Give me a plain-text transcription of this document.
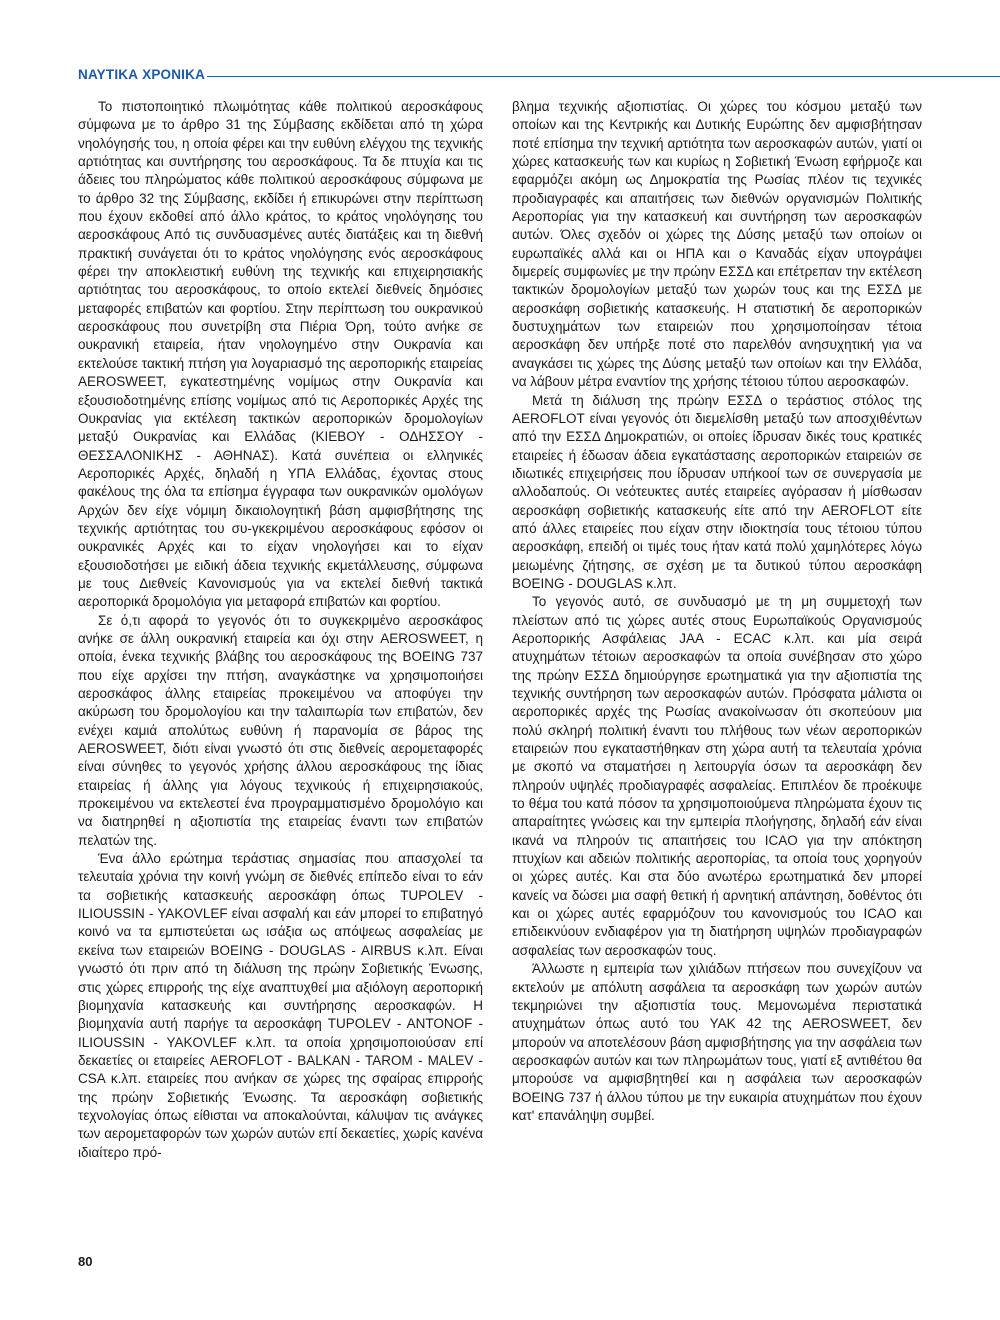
ΝΑΥΤΙΚΑ ΧΡΟΝΙΚΑ

Το πιστοποιητικό πλωιμότητας κάθε πολιτικού αεροσκάφους σύμφωνα με το άρθρο 31 της Σύμβασης εκδίδεται από τη χώρα νηολόγησής του, η οποία φέρει και την ευθύνη ελέγχου της τεχνικής αρτιότητας και συντήρησης του αεροσκάφους. Τα δε πτυχία και τις άδειες του πληρώματος κάθε πολιτικού αεροσκάφους σύμφωνα με το άρθρο 32 της Σύμβασης, εκδίδει ή επικυρώνει στην περίπτωση που έχουν εκδοθεί από άλλο κράτος, το κράτος νηολόγησης του αεροσκάφους Από τις συνδυασμένες αυτές διατάξεις και τη διεθνή πρακτική συνάγεται ότι το κράτος νηολόγησης ενός αεροσκάφους φέρει την αποκλειστική ευθύνη της τεχνικής και επιχειρησιακής αρτιότητας του αεροσκάφους, το οποίο εκτελεί διεθνείς δημόσιες μεταφορές επιβατών και φορτίου. Στην περίπτωση του ουκρανικού αεροσκάφους που συνετρίβη στα Πιέρια Όρη, τούτο ανήκε σε ουκρανική εταιρεία, ήταν νηολογημένο στην Ουκρανία και εκτελούσε τακτική πτήση για λογαριασμό της αεροπορικής εταιρείας AEROSWEET, εγκατεστημένης νομίμως στην Ουκρανία και εξουσιοδοτημένης επίσης νομίμως από τις Αεροπορικές Αρχές της Ουκρανίας για εκτέλεση τακτικών αεροπορικών δρομολογίων μεταξύ Ουκρανίας και Ελλάδας (ΚΙΕΒΟΥ - ΟΔΗΣΣΟΥ - ΘΕΣΣΑΛΟΝΙΚΗΣ - ΑΘΗΝΑΣ). Κατά συνέπεια οι ελληνικές Αεροπορικές Αρχές, δηλαδή η ΥΠΑ Ελλάδας, έχοντας στους φακέλους της όλα τα επίσημα έγγραφα των ουκρανικών ομολόγων Αρχών δεν είχε νόμιμη δικαιολογητική βάση αμφισβήτησης της τεχνικής αρτιότητας του συ-γκεκριμένου αεροσκάφους εφόσον οι ουκρανικές Αρχές και το είχαν νηολογήσει και το είχαν εξουσιοδοτήσει με ειδική άδεια τεχνικής εκμετάλλευσης, σύμφωνα με τους Διεθνείς Κανονισμούς για να εκτελεί διεθνή τακτικά αεροπορικά δρομολόγια για μεταφορά επιβατών και φορτίου.

Σε ό,τι αφορά το γεγονός ότι το συγκεκριμένο αεροσκάφος ανήκε σε άλλη ουκρανική εταιρεία και όχι στην AEROSWEET, η οποία, ένεκα τεχνικής βλάβης του αεροσκάφους της BOEING 737 που είχε αρχίσει την πτήση, αναγκάστηκε να χρησιμοποιήσει αεροσκάφος άλλης εταιρείας προκειμένου να αποφύγει την ακύρωση του δρομολογίου και την ταλαιπωρία των επιβατών, δεν ενέχει καμιά απολύτως ευθύνη ή παρανομία σε βάρος της AEROSWEET, διότι είναι γνωστό ότι στις διεθνείς αερομεταφορές είναι σύνηθες το γεγονός χρήσης άλλου αεροσκάφους της ίδιας εταιρείας ή άλλης για λόγους τεχνικούς ή επιχειρησιακούς, προκειμένου να εκτελεστεί ένα προγραμματισμένο δρομολόγιο και να διατηρηθεί η αξιοπιστία της εταιρείας έναντι των επιβατών πελατών της.

Ένα άλλο ερώτημα τεράστιας σημασίας που απασχολεί τα τελευταία χρόνια την κοινή γνώμη σε διεθνές επίπεδο είναι το εάν τα σοβιετικής κατασκευής αεροσκάφη όπως TUPOLEV - ILIOUSSIN - YAKOVLEF είναι ασφαλή και εάν μπορεί το επιβατηγό κοινό να τα εμπιστεύεται ως ισάξια ως απόψεως ασφαλείας με εκείνα των εταιρειών BOEING - DOUGLAS - AIRBUS κ.λπ. Είναι γνωστό ότι πριν από τη διάλυση της πρώην Σοβιετικής Ένωσης, στις χώρες επιρροής της είχε αναπτυχθεί μια αξιόλογη αεροπορική βιομηχανία κατασκευής και συντήρησης αεροσκαφών. Η βιομηχανία αυτή παρήγε τα αεροσκάφη TUPOLEV - ANTONOF - ILIOUSSIN - YAKOVLEF κ.λπ. τα οποία χρησιμοποιούσαν επί δεκαετίες οι εταιρείες AEROFLOT - BALKAN - TAROM - MALEV - CSA κ.λπ. εταιρείες που ανήκαν σε χώρες της σφαίρας επιρροής της πρώην Σοβιετικής Ένωσης. Τα αεροσκάφη σοβιετικής τεχνολογίας όπως είθισται να αποκαλούνται, κάλυψαν τις ανάγκες των αερομεταφορών των χωρών αυτών επί δεκαετίες, χωρίς κανένα ιδιαίτερο πρό-

βλημα τεχνικής αξιοπιστίας. Οι χώρες του κόσμου μεταξύ των οποίων και της Κεντρικής και Δυτικής Ευρώπης δεν αμφισβήτησαν ποτέ επίσημα την τεχνική αρτιότητα των αεροσκαφών αυτών, γιατί οι χώρες κατασκευής των και κυρίως η Σοβιετική Ένωση εφήρμοζε και εφαρμόζει ακόμη ως Δημοκρατία της Ρωσίας πλέον τις τεχνικές προδιαγραφές και απαιτήσεις των διεθνών οργανισμών Πολιτικής Αεροπορίας για την κατασκευή και συντήρηση των αεροσκαφών αυτών. Όλες σχεδόν οι χώρες της Δύσης μεταξύ των οποίων οι ευρωπαϊκές αλλά και οι ΗΠΑ και ο Καναδάς είχαν υπογράψει διμερείς συμφωνίες με την πρώην ΕΣΣΔ και επέτρεπαν την εκτέλεση τακτικών δρομολογίων μεταξύ των χωρών τους και της ΕΣΣΔ με αεροσκάφη σοβιετικής κατασκευής. Η στατιστική δε αεροπορικών δυστυχημάτων των εταιρειών που χρησιμοποίησαν τέτοια αεροσκάφη δεν υπήρξε ποτέ στο παρελθόν ανησυχητική για να αναγκάσει τις χώρες της Δύσης μεταξύ των οποίων και την Ελλάδα, να λάβουν μέτρα εναντίον της χρήσης τέτοιου τύπου αεροσκαφών.

Μετά τη διάλυση της πρώην ΕΣΣΔ ο τεράστιος στόλος της AEROFLOT είναι γεγονός ότι διεμελίσθη μεταξύ των αποσχιθέντων από την ΕΣΣΔ Δημοκρατιών, οι οποίες ίδρυσαν δικές τους κρατικές εταιρείες ή έδωσαν άδεια εγκατάστασης αεροπορικών εταιρειών σε ιδιωτικές επιχειρήσεις που ίδρυσαν υπήκοοί των σε συνεργασία με αλλοδαπούς. Οι νεότευκτες αυτές εταιρείες αγόρασαν ή μίσθωσαν αεροσκάφη σοβιετικής κατασκευής είτε από την AEROFLOT είτε από άλλες εταιρείες που είχαν στην ιδιοκτησία τους τέτοιου τύπου αεροσκάφη, επειδή οι τιμές τους ήταν κατά πολύ χαμηλότερες λόγω μειωμένης ζήτησης, σε σχέση με τα δυτικού τύπου αεροσκάφη BOEING - DOUGLAS κ.λπ.

Το γεγονός αυτό, σε συνδυασμό με τη μη συμμετοχή των πλείστων από τις χώρες αυτές στους Ευρωπαϊκούς Οργανισμούς Αεροπορικής Ασφάλειας JAA - ECAC κ.λπ. και μία σειρά ατυχημάτων τέτοιων αεροσκαφών τα οποία συνέβησαν στο χώρο της πρώην ΕΣΣΔ δημιούργησε ερωτηματικά για την αξιοπιστία της τεχνικής συντήρηση των αεροσκαφών αυτών. Πρόσφατα μάλιστα οι αεροπορικές αρχές της Ρωσίας ανακοίνωσαν ότι σκοπεύουν μια πολύ σκληρή πολιτική έναντι του πλήθους των νέων αεροπορικών εταιρειών που εγκαταστήθηκαν στη χώρα αυτή τα τελευταία χρόνια με σκοπό να σταματήσει η λειτουργία όσων τα αεροσκάφη δεν πληρούν υψηλές προδιαγραφές ασφαλείας. Επιπλέον δε προέκυψε το θέμα του κατά πόσον τα χρησιμοποιούμενα πληρώματα έχουν τις απαραίτητες γνώσεις και την εμπειρία πλοήγησης, δηλαδή εάν είναι ικανά να πληρούν τις απαιτήσεις του ICAO για την απόκτηση πτυχίων και αδειών πολιτικής αεροπορίας, τα οποία τους χορηγούν οι χώρες αυτές. Και στα δύο ανωτέρω ερωτηματικά δεν μπορεί κανείς να δώσει μια σαφή θετική ή αρνητική απάντηση, δοθέντος ότι και οι χώρες αυτές εφαρμόζουν του κανονισμούς του ICAO και επιδεικνύουν ενδιαφέρον για τη διατήρηση υψηλών προδιαγραφών ασφαλείας των αεροσκαφών τους.

Άλλωστε η εμπειρία των χιλιάδων πτήσεων που συνεχίζουν να εκτελούν με απόλυτη ασφάλεια τα αεροσκάφη των χωρών αυτών τεκμηριώνει την αξιοπιστία τους. Μεμονωμένα περιστατικά ατυχημάτων όπως αυτό του ΥΑΚ 42 της AEROSWEET, δεν μπορούν να αποτελέσουν βάση αμφισβήτησης για την ασφάλεια των αεροσκαφών αυτών και των πληρωμάτων τους, γιατί εξ αντιθέτου θα μπορούσε να αμφισβητηθεί και η ασφάλεια των αεροσκαφών BOEING 737 ή άλλου τύπου με την ευκαιρία ατυχημάτων που έχουν κατ' επανάληψη συμβεί.

80
